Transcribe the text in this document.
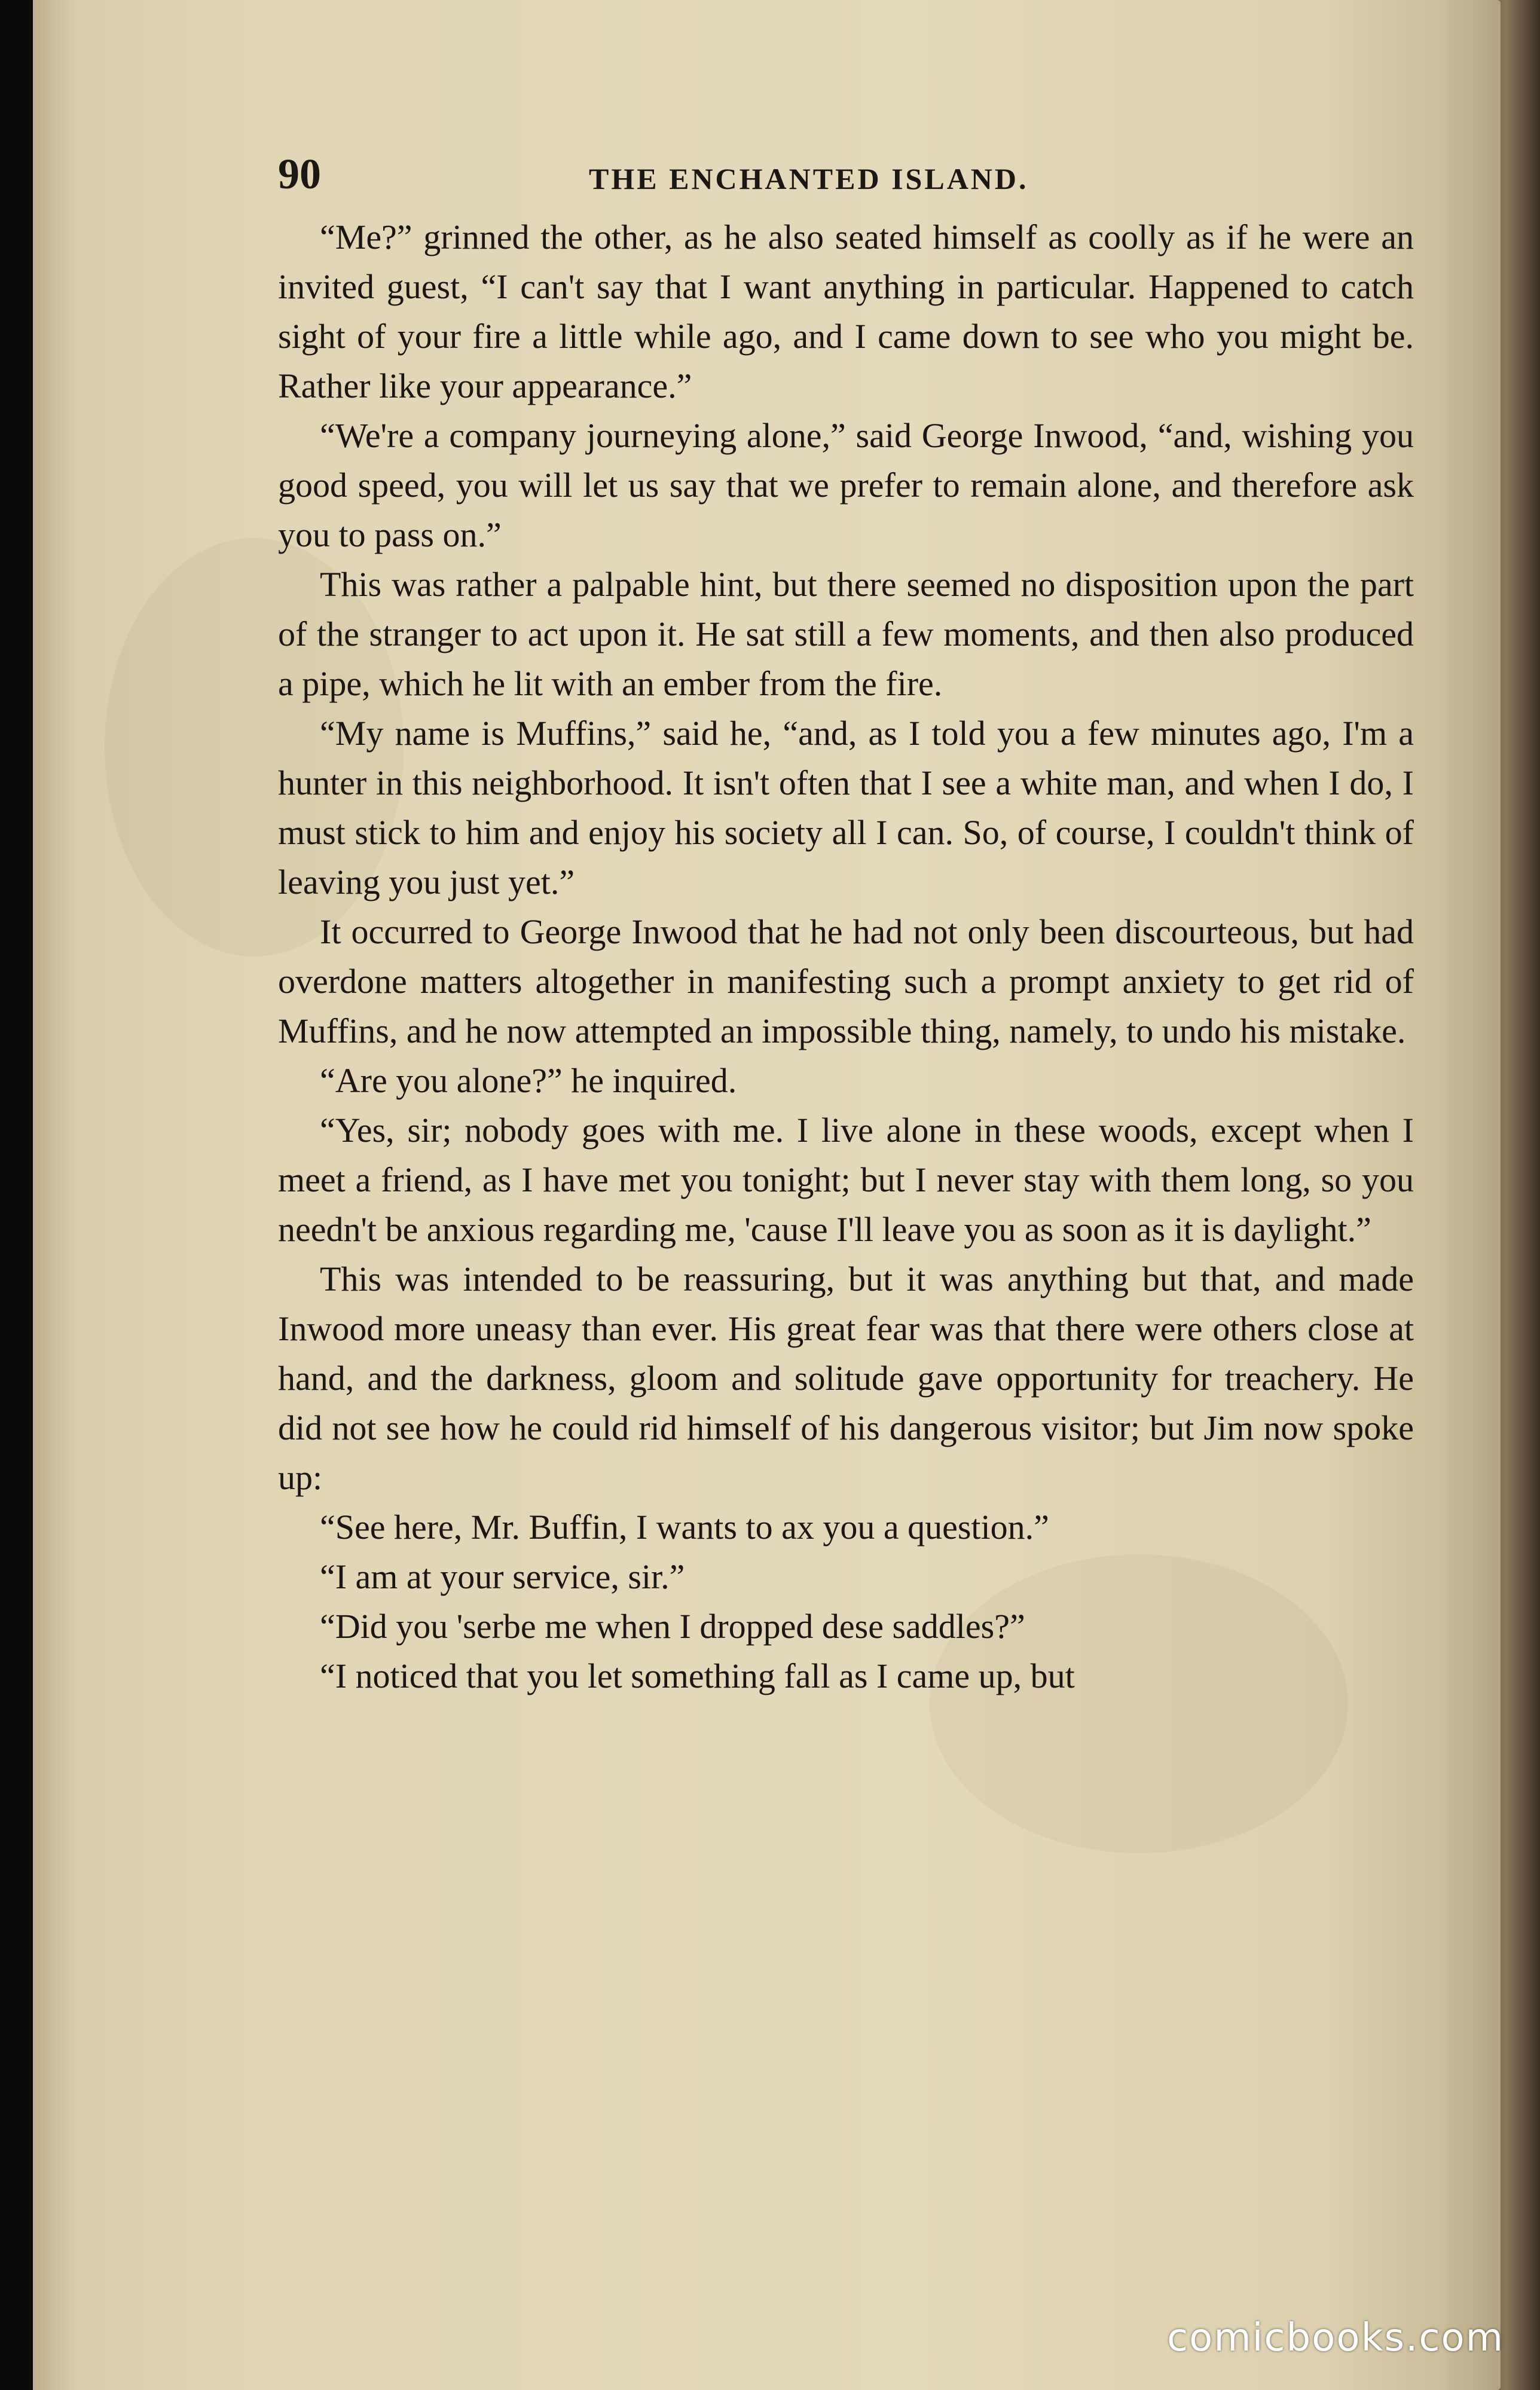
90	THE ENCHANTED ISLAND.

“Me?” grinned the other, as he also seated himself as coolly as if he were an invited guest, “I can't say that I want anything in particular. Happened to catch sight of your fire a little while ago, and I came down to see who you might be. Rather like your appearance.”

“We're a company journeying alone,” said George Inwood, “and, wishing you good speed, you will let us say that we prefer to remain alone, and therefore ask you to pass on.”

This was rather a palpable hint, but there seemed no disposition upon the part of the stranger to act upon it. He sat still a few moments, and then also produced a pipe, which he lit with an ember from the fire.

“My name is Muffins,” said he, “and, as I told you a few minutes ago, I'm a hunter in this neighborhood. It isn't often that I see a white man, and when I do, I must stick to him and enjoy his society all I can. So, of course, I couldn't think of leaving you just yet.”

It occurred to George Inwood that he had not only been discourteous, but had overdone matters altogether in manifesting such a prompt anxiety to get rid of Muffins, and he now attempted an impossible thing, namely, to undo his mistake.

“Are you alone?” he inquired.

“Yes, sir; nobody goes with me. I live alone in these woods, except when I meet a friend, as I have met you tonight; but I never stay with them long, so you needn't be anxious regarding me, 'cause I'll leave you as soon as it is daylight.”

This was intended to be reassuring, but it was anything but that, and made Inwood more uneasy than ever. His great fear was that there were others close at hand, and the darkness, gloom and solitude gave opportunity for treachery. He did not see how he could rid himself of his dangerous visitor; but Jim now spoke up:

“See here, Mr. Buffin, I wants to ax you a question.”

“I am at your service, sir.”

“Did you 'serbe me when I dropped dese saddles?”

“I noticed that you let something fall as I came up, but

comicbooks.com
